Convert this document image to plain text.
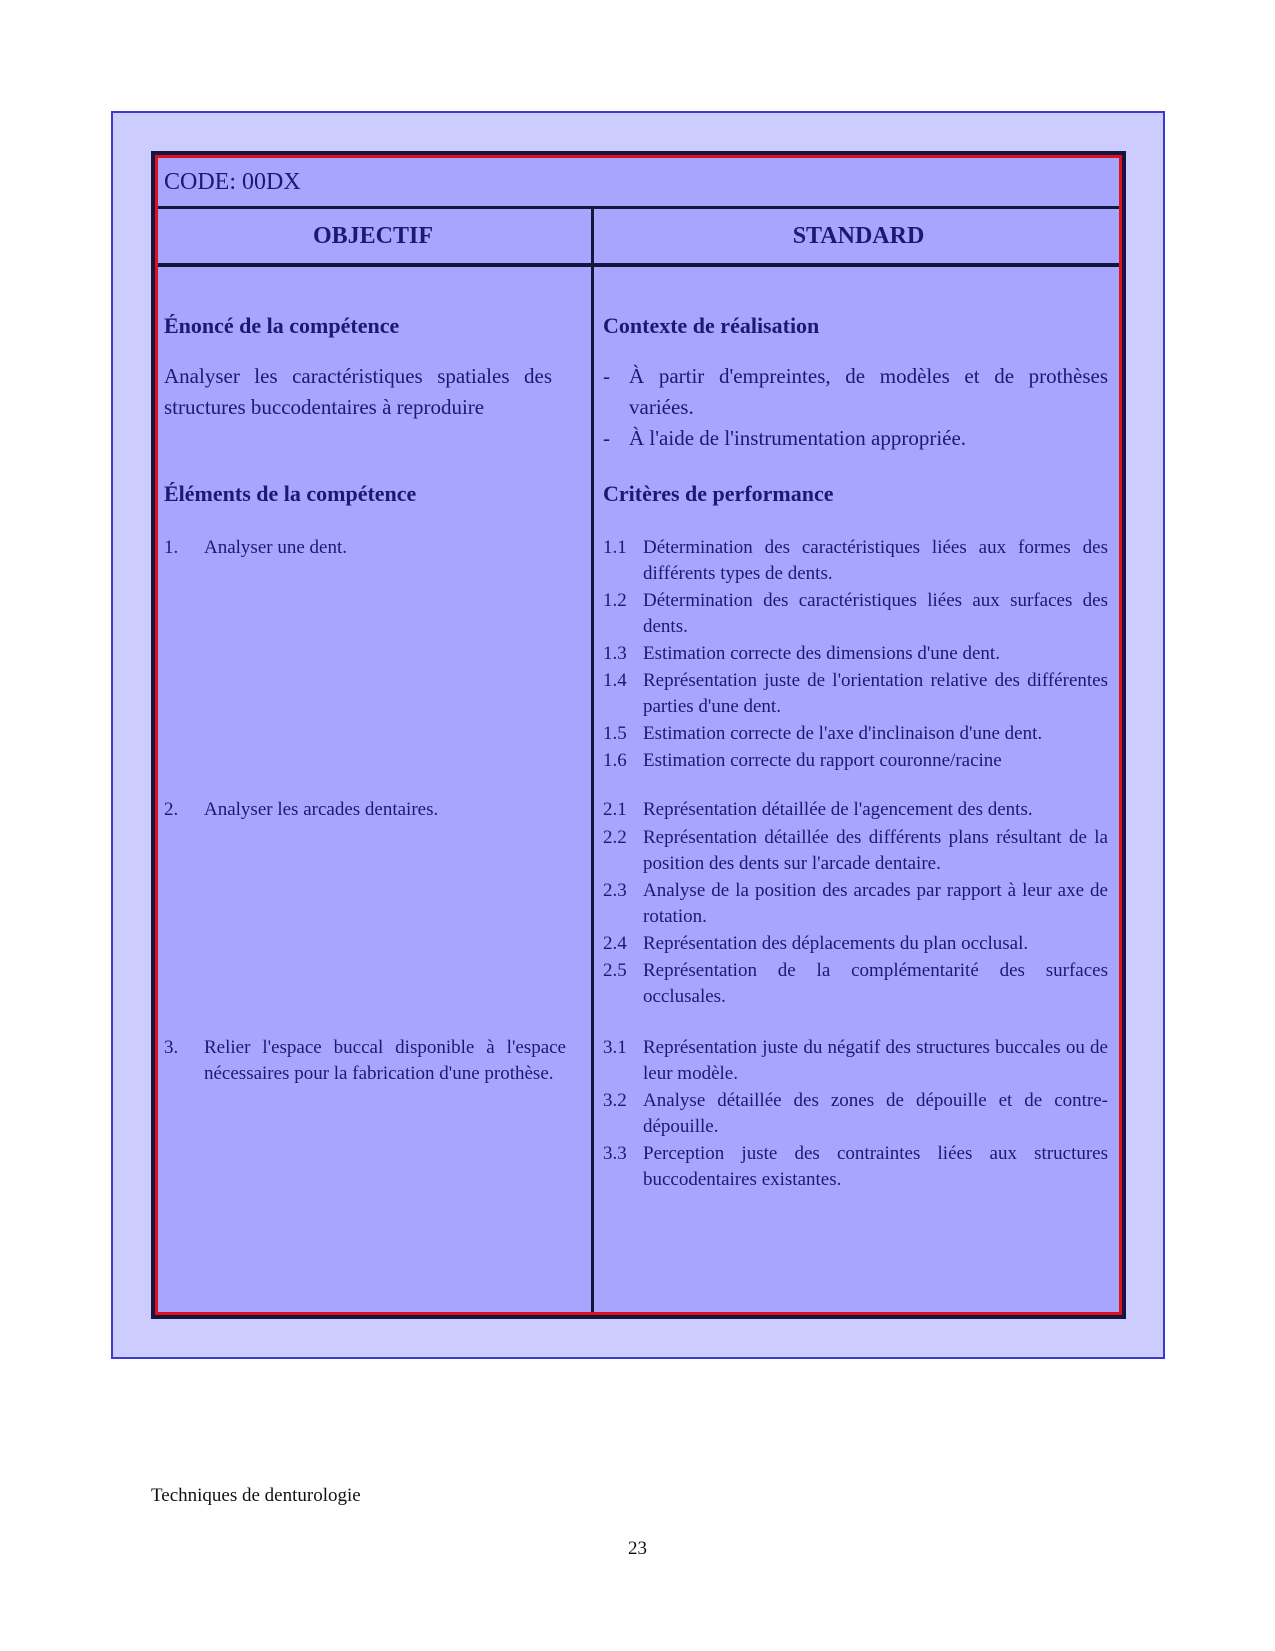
CODE: 00DX
OBJECTIF	STANDARD
Énoncé de la compétence
Analyser les caractéristiques spatiales des
structures buccodentaires à reproduire
Éléments de la compétence
1. Analyser une dent.
2. Analyser les arcades dentaires.
3. Relier l'espace buccal disponible à l'espace nécessaires pour la fabrication d'une prothèse.
Contexte de réalisation
- À partir d'empreintes, de modèles et de prothèses variées.
- À l'aide de l'instrumentation appropriée.
Critères de performance
1.1 Détermination des caractéristiques liées aux formes des différents types de dents.
1.2 Détermination des caractéristiques liées aux surfaces des dents.
1.3 Estimation correcte des dimensions d'une dent.
1.4 Représentation juste de l'orientation relative des différentes parties d'une dent.
1.5 Estimation correcte de l'axe d'inclinaison d'une dent.
1.6 Estimation correcte du rapport couronne/racine
2.1 Représentation détaillée de l'agencement des dents.
2.2 Représentation détaillée des différents plans résultant de la position des dents sur l'arcade dentaire.
2.3 Analyse de la position des arcades par rapport à leur axe de rotation.
2.4 Représentation des déplacements du plan occlusal.
2.5 Représentation de la complémentarité des surfaces occlusales.
3.1 Représentation juste du négatif des structures buccales ou de leur modèle.
3.2 Analyse détaillée des zones de dépouille et de contre-dépouille.
3.3 Perception juste des contraintes liées aux structures buccodentaires existantes.
Techniques de denturologie
23
